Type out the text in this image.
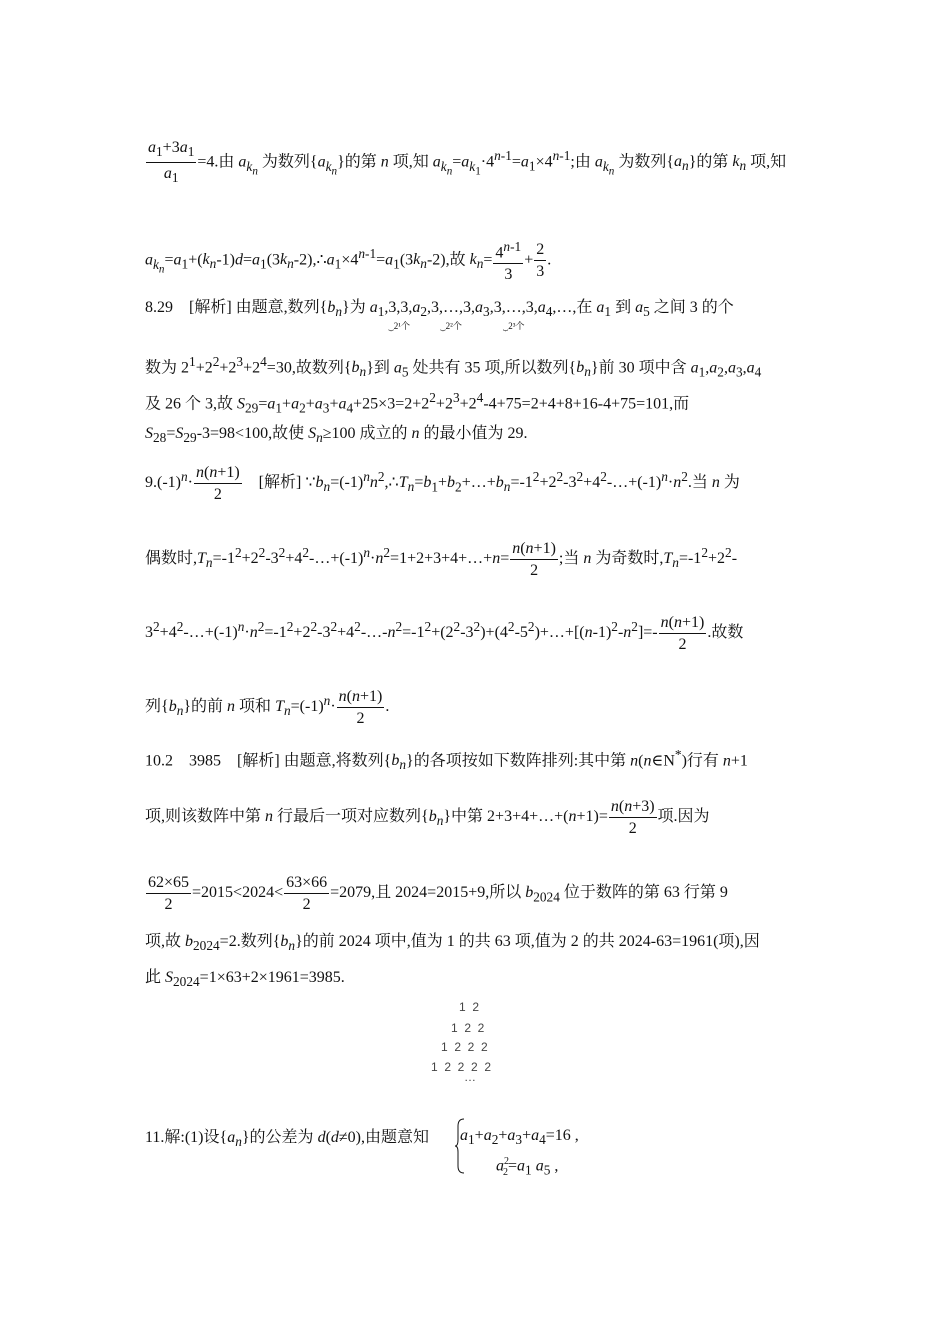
$\frac{a_1+3a_1}{a_1} =4$.由 $a_{k_n}$ 为数列$\{a_{k_n}\}$的第 n 项,知 $a_{k_n}=a_{k_1}\cdot 4^{n-1}=a_1\times 4^{n-1}$;由 $a_{k_n}$ 为数列$\{a_n\}$的第 $k_n$ 项,知
$a_{k_n}=a_1+(k_n-1)d=a_1(3k_n-2),\therefore a_1\times 4^{n-1}=a_1(3k_n-2)$,故 $k_n= \frac{4^{n-1}}{3} + \frac{2}{3}$ .
8.29　[解析] 由题意,数列$\{b_n\}$为 $a_1,3,3$
⏟2¹个
$,a_2,3,\dots,3$
⏟2²个
$,a_3,3,\dots,3$
⏟2³个
$,a_4,\dots$,在 $a_1$ 到 $a_5$ 之间 3 的个
数为 $2^1+2^2+2^3+2^4=30$,故数列$\{b_n\}$到 $a_5$ 处共有 35 项,所以数列$\{b_n\}$前 30 项中含 $a_1,a_2,a_3,a_4$
及 26 个 3,故 $S_{29}=a_1+a_2+a_3+a_4+25\times 3=2+2^2+2^3+2^4-4+75=2+4+8+16-4+75=101$,而
$S_{28}=S_{29}-3=98<100$,故使 $S_n\ge 100$ 成立的 n 的最小值为 29.
$9.(-1)^n\cdot \frac{n(n+1)}{2}$ 　[解析] $\because b_n=(-1)^nn^2,\therefore T_n=b_1+b_2+\dots+b_n=-1^2+2^2-3^2+4^2-\dots+(-1)^n\cdot n^2$.当 n 为
偶数时$,T_n=-1^2+2^2-3^2+4^2-\dots+(-1)^n\cdot n^2=1+2+3+4+\dots+n= \frac{n(n+1)}{2}$ ;当 n 为奇数时$,T_n=-1^2+2^2-$
$3^2+4^2-\dots+(-1)^n\cdot n^2=-1^2+2^2-3^2+4^2-\dots-n^2=-1^2+(2^2-3^2)+(4^2-5^2)+\dots+[(n-1)^2-n^2]=- \frac{n(n+1)}{2}$ .故数
列$\{b_n\}$的前 n 项和 $T_n=(-1)^n\cdot \frac{n(n+1)}{2}$ .
10.2　3985　[解析] 由题意,将数列$\{b_n\}$的各项按如下数阵排列:其中第 n(n∈N*)行有 n+1
项,则该数阵中第 n 行最后一项对应数列$\{b_n\}$中第 2+3+4+…+(n+1)= $\frac{n(n+3)}{2}$ 项.因为
$\frac{62\times 65}{2} =2015<2024< \frac{63\times 66}{2} =2079$,且 2024=2015+9,所以 $b_{2024}$ 位于数阵的第 63 行第 9
项,故 $b_{2024}=2$.数列$\{b_n\}$的前 2024 项中,值为 1 的共 63 项,值为 2 的共 2024-63=1961(项),因
此 $S_{2024}=1\times 63+2\times 1961=3985$.
1  2
1  2  2
1  2  2  2
1  2  2  2  2
…
11.解:(1)设$\{a_n\}$的公差为 d(d≠0),由题意知 $a_1+a_2+a_3+a_4=16$ ,
$a^2_2=a_1$ $a_5$ ,
